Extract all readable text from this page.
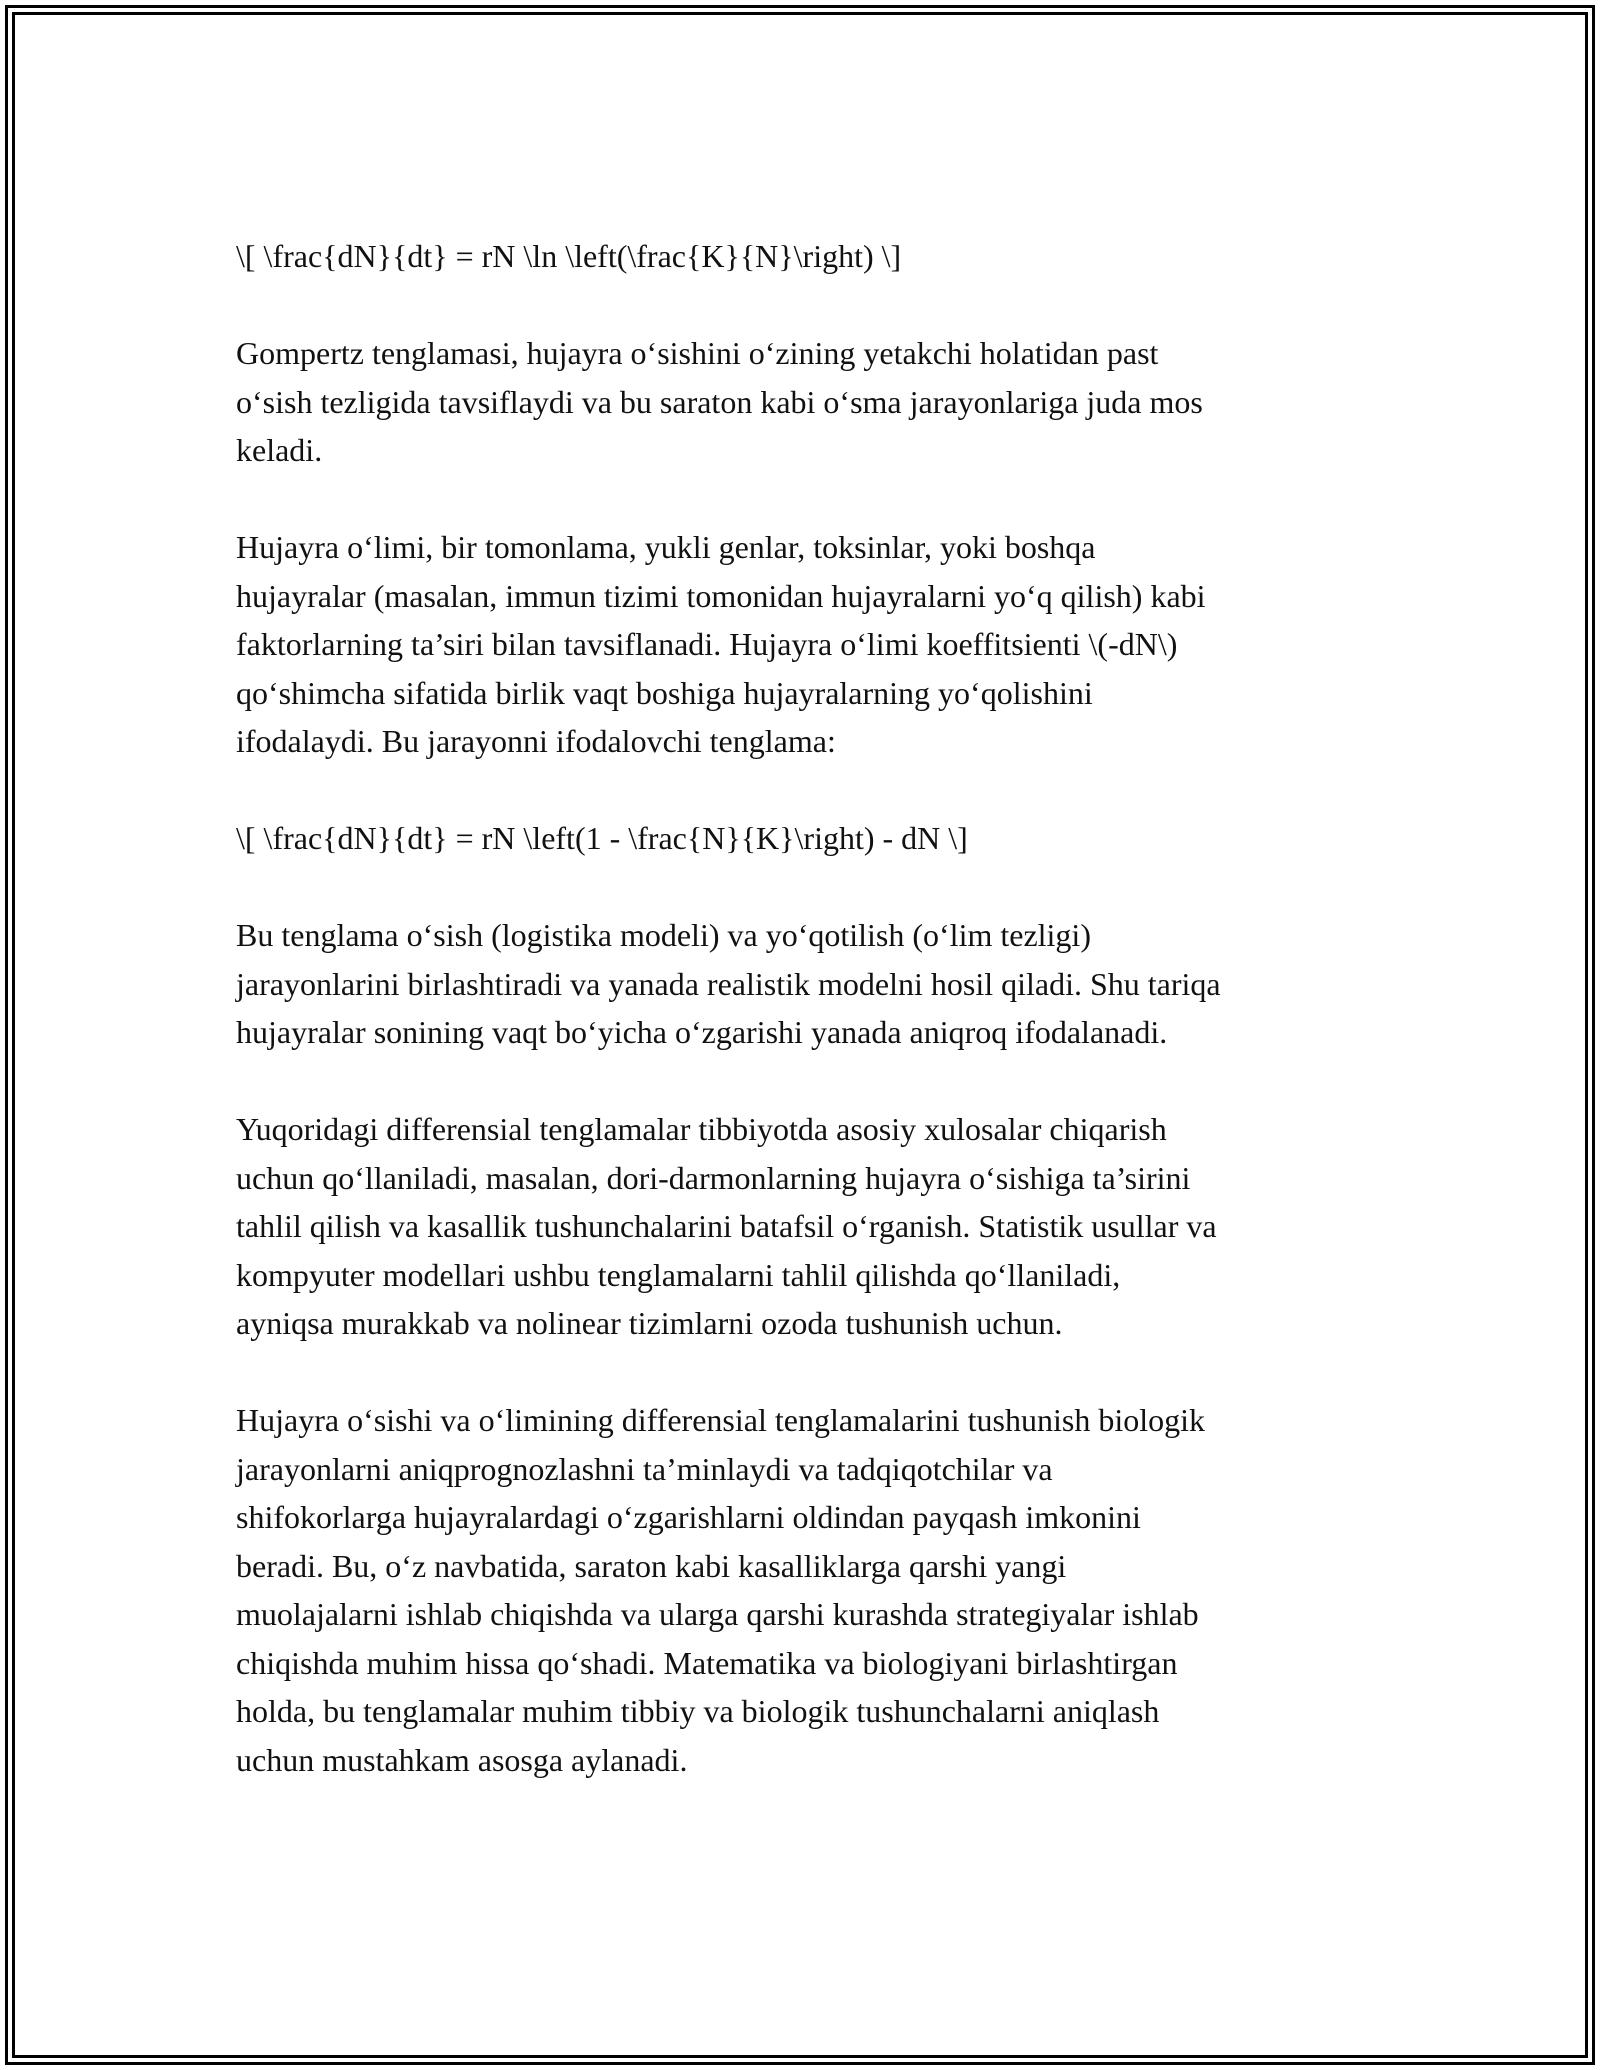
\[ \frac{dN}{dt} = rN \ln \left(\frac{K}{N}\right) \]
Gompertz tenglamasi, hujayra o‘sishini o‘zining yetakchi holatidan past
o‘sish tezligida tavsiflaydi va bu saraton kabi o‘sma jarayonlariga juda mos
keladi.
Hujayra o‘limi, bir tomonlama, yukli genlar, toksinlar, yoki boshqa
hujayralar (masalan, immun tizimi tomonidan hujayralarni yo‘q qilish) kabi
faktorlarning ta’siri bilan tavsiflanadi. Hujayra o‘limi koeffitsienti \(-dN\)
qo‘shimcha sifatida birlik vaqt boshiga hujayralarning yo‘qolishini
ifodalaydi. Bu jarayonni ifodalovchi tenglama:
\[ \frac{dN}{dt} = rN \left(1 - \frac{N}{K}\right) - dN \]
Bu tenglama o‘sish (logistika modeli) va yo‘qotilish (o‘lim tezligi)
jarayonlarini birlashtiradi va yanada realistik modelni hosil qiladi. Shu tariqa
hujayralar sonining vaqt bo‘yicha o‘zgarishi yanada aniqroq ifodalanadi.
Yuqoridagi differensial tenglamalar tibbiyotda asosiy xulosalar chiqarish
uchun qo‘llaniladi, masalan, dori-darmonlarning hujayra o‘sishiga ta’sirini
tahlil qilish va kasallik tushunchalarini batafsil o‘rganish. Statistik usullar va
kompyuter modellari ushbu tenglamalarni tahlil qilishda qo‘llaniladi,
ayniqsa murakkab va nolinear tizimlarni ozoda tushunish uchun.
Hujayra o‘sishi va o‘limining differensial tenglamalarini tushunish biologik
jarayonlarni aniqprognozlashni ta’minlaydi va tadqiqotchilar va
shifokorlarga hujayralardagi o‘zgarishlarni oldindan payqash imkonini
beradi. Bu, o‘z navbatida, saraton kabi kasalliklarga qarshi yangi
muolajalarni ishlab chiqishda va ularga qarshi kurashda strategiyalar ishlab
chiqishda muhim hissa qo‘shadi. Matematika va biologiyani birlashtirgan
holda, bu tenglamalar muhim tibbiy va biologik tushunchalarni aniqlash
uchun mustahkam asosga aylanadi.
